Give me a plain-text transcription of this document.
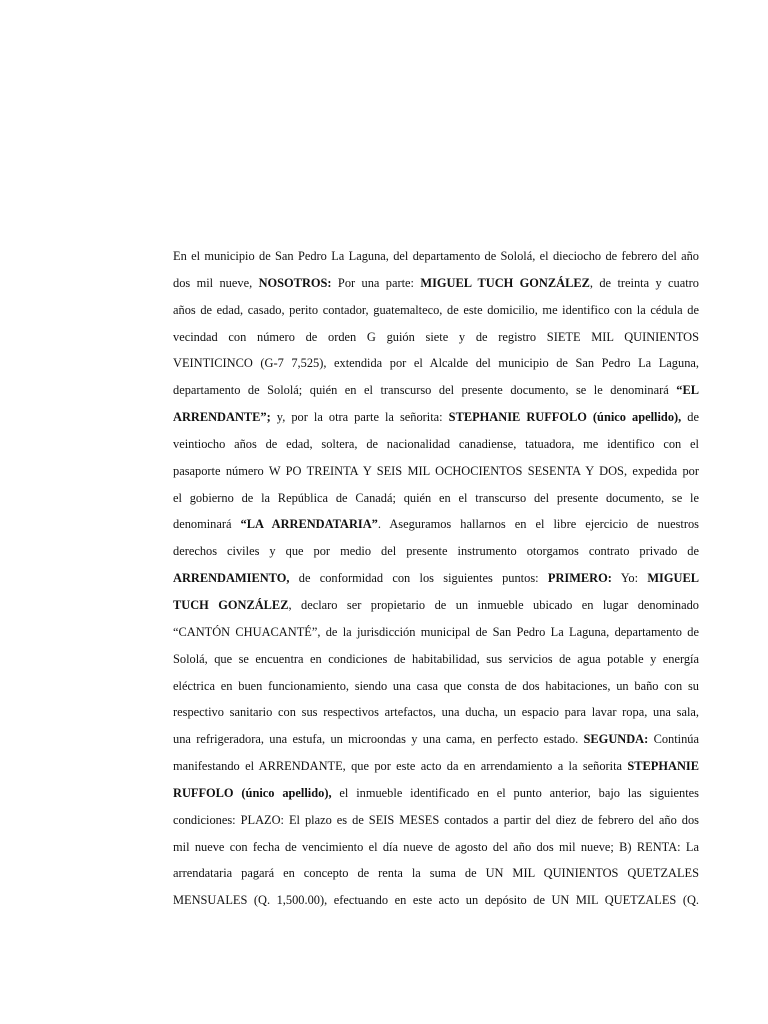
En el municipio de San Pedro La Laguna, del departamento de Sololá, el dieciocho de febrero del año
dos mil nueve, NOSOTROS: Por una parte: MIGUEL TUCH GONZÁLEZ, de treinta y cuatro
años de edad, casado, perito contador, guatemalteco, de este domicilio, me identifico con la cédula de
vecindad con número de orden G guión siete y de registro SIETE MIL QUINIENTOS
VEINTICINCO (G-7 7,525), extendida por el Alcalde del municipio de San Pedro La Laguna,
departamento de Sololá; quién en el transcurso del presente documento, se le denominará “EL
ARRENDANTE”; y, por la otra parte la señorita: STEPHANIE RUFFOLO (único apellido), de
veintiocho años de edad, soltera, de nacionalidad canadiense, tatuadora, me identifico con el
pasaporte número W PO TREINTA Y SEIS MIL OCHOCIENTOS SESENTA Y DOS, expedida por
el gobierno de la República de Canadá; quién en el transcurso del presente documento, se le
denominará “LA ARRENDATARIA”. Aseguramos hallarnos en el libre ejercicio de nuestros
derechos civiles y que por medio del presente instrumento otorgamos contrato privado de
ARRENDAMIENTO, de conformidad con los siguientes puntos: PRIMERO: Yo: MIGUEL
TUCH GONZÁLEZ, declaro ser propietario de un inmueble ubicado en lugar denominado
“CANTÓN CHUACANTÉ”, de la jurisdicción municipal de San Pedro La Laguna, departamento de
Sololá, que se encuentra en condiciones de habitabilidad, sus servicios de agua potable y energía
eléctrica en buen funcionamiento, siendo una casa que consta de dos habitaciones, un baño con su
respectivo sanitario con sus respectivos artefactos, una ducha, un espacio para lavar ropa, una sala,
una refrigeradora, una estufa, un microondas y una cama, en perfecto estado. SEGUNDA: Continúa
manifestando el ARRENDANTE, que por este acto da en arrendamiento a la señorita STEPHANIE
RUFFOLO (único apellido), el inmueble identificado en el punto anterior, bajo las siguientes
condiciones: PLAZO: El plazo es de SEIS MESES contados a partir del diez de febrero del año dos
mil nueve con fecha de vencimiento el día nueve de agosto del año dos mil nueve; B) RENTA: La
arrendataria pagará en concepto de renta la suma de UN MIL QUINIENTOS QUETZALES
MENSUALES (Q. 1,500.00), efectuando en este acto un depósito de UN MIL QUETZALES (Q.
